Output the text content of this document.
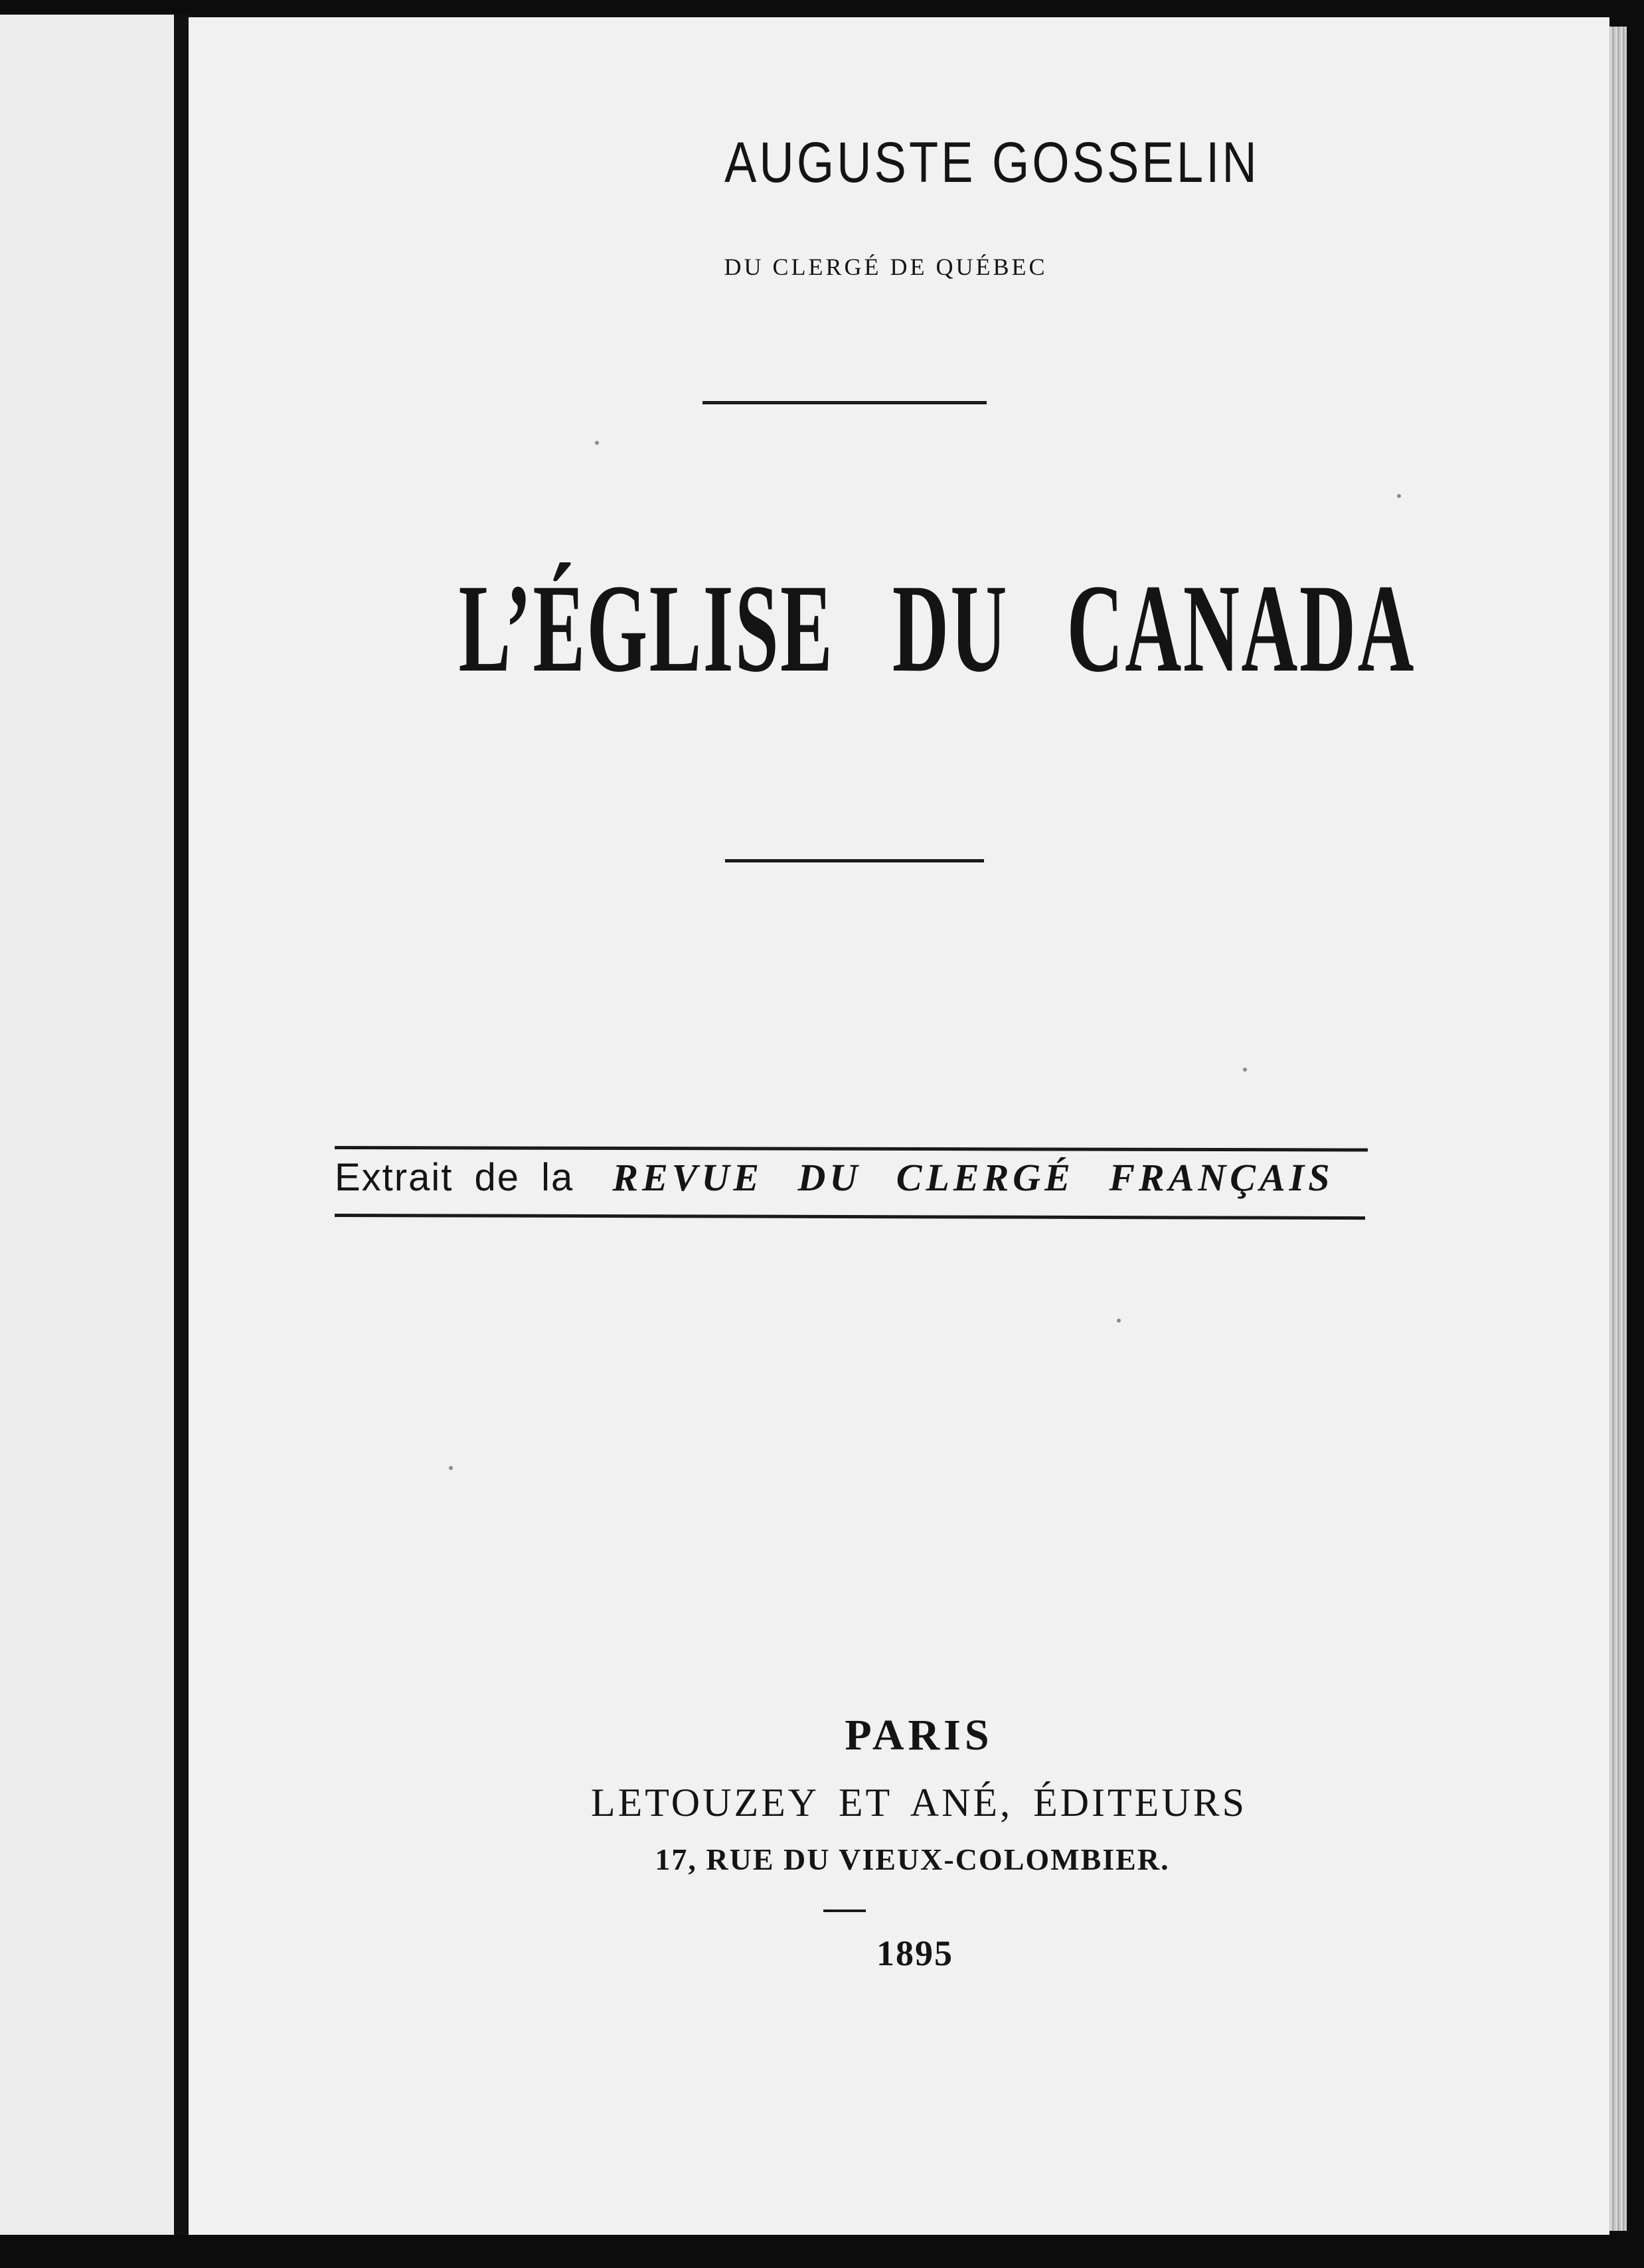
AUGUSTE GOSSELIN
DU CLERGÉ DE QUÉBEC
L’ÉGLISE DU CANADA
Extrait de la REVUE DU CLERGÉ FRANÇAIS
PARIS
LETOUZEY ET ANÉ, ÉDITEURS
17, RUE DU VIEUX-COLOMBIER.
1895
